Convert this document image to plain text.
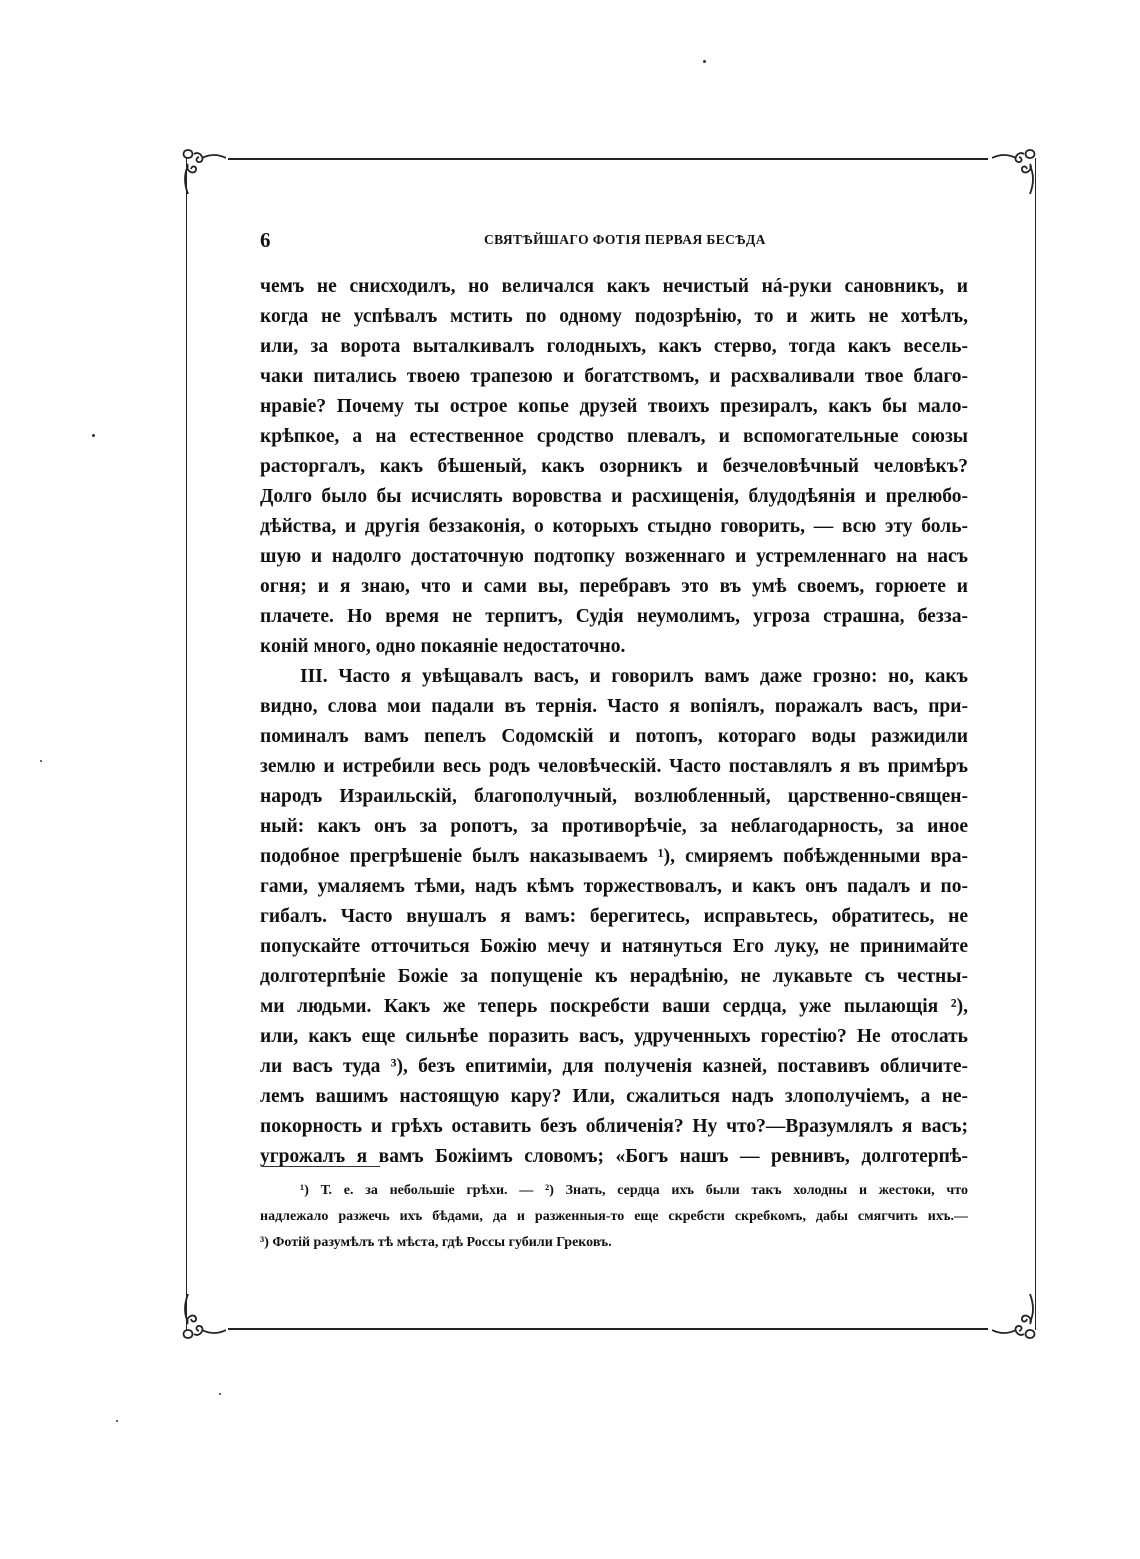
6	СВЯТѢЙШАГО ФОТІЯ ПЕРВАЯ БЕСѢДА
чемъ не снисходилъ, но величался какъ нечистый нá-руки сановникъ, и
когда не успѣвалъ мстить по одному подозрѣнію, то и жить не хотѣлъ,
или, за ворота выталкивалъ голодныхъ, какъ стерво, тогда какъ весель-
чаки питались твоею трапезою и богатствомъ, и расхваливали твое благо-
нравіе? Почему ты острое копье друзей твоихъ презиралъ, какъ бы мало-
крѣпкое, а на естественное сродство плевалъ, и вспомогательные союзы
расторгалъ, какъ бѣшеный, какъ озорникъ и безчеловѣчный человѣкъ?
Долго было бы исчислять воровства и расхищенія, блудодѣянія и прелюбо-
дѣйства, и другія беззаконія, о которыхъ стыдно говорить, — всю эту боль-
шую и надолго достаточную подтопку возженнаго и устремленнаго на насъ
огня; и я знаю, что и сами вы, перебравъ это въ умѣ своемъ, горюете и
плачете. Но время не терпитъ, Судія неумолимъ, угроза страшна, безза-
коній много, одно покаяніе недостаточно.
III. Часто я увѣщавалъ васъ, и говорилъ вамъ даже грозно: но, какъ
видно, слова мои падали въ тернія. Часто я вопіялъ, поражалъ васъ, при-
поминалъ вамъ пепелъ Содомскій и потопъ, котораго воды разжидили
землю и истребили весь родъ человѣческій. Часто поставлялъ я въ примѣръ
народъ Израильскій, благополучный, возлюбленный, царственно-священ-
ный: какъ онъ за ропотъ, за противорѣчіе, за неблагодарность, за иное
подобное прегрѣшеніе былъ наказываемъ ¹), смиряемъ побѣжденными вра-
гами, умаляемъ тѣми, надъ кѣмъ торжествовалъ, и какъ онъ падалъ и по-
гибалъ. Часто внушалъ я вамъ: берегитесь, исправьтесь, обратитесь, не
попускайте отточиться Божію мечу и натянуться Его луку, не принимайте
долготерпѣніе Божіе за попущеніе къ нерадѣнію, не лукавьте съ честны-
ми людьми. Какъ же теперь поскребсти ваши сердца, уже пылающія ²),
или, какъ еще сильнѣе поразить васъ, удрученныхъ горестію? Не отослать
ли васъ туда ³), безъ епитиміи, для полученія казней, поставивъ обличите-
лемъ вашимъ настоящую кару? Или, сжалиться надъ злополучіемъ, а не-
покорность и грѣхъ оставить безъ обличенія? Ну что?—Вразумлялъ я васъ;
угрожалъ я вамъ Божіимъ словомъ; «Богъ нашъ — ревнивъ, долготерпѣ-
¹) Т. е. за небольшіе грѣхи. — ²) Знать, сердца ихъ были такъ холодны и жестоки, что
надлежало разжечь ихъ бѣдами, да и разженныя-то еще скребсти скребкомъ, дабы смягчить ихъ.—
³) Фотій разумѣлъ тѣ мѣста, гдѣ Россы губили Грековъ.
